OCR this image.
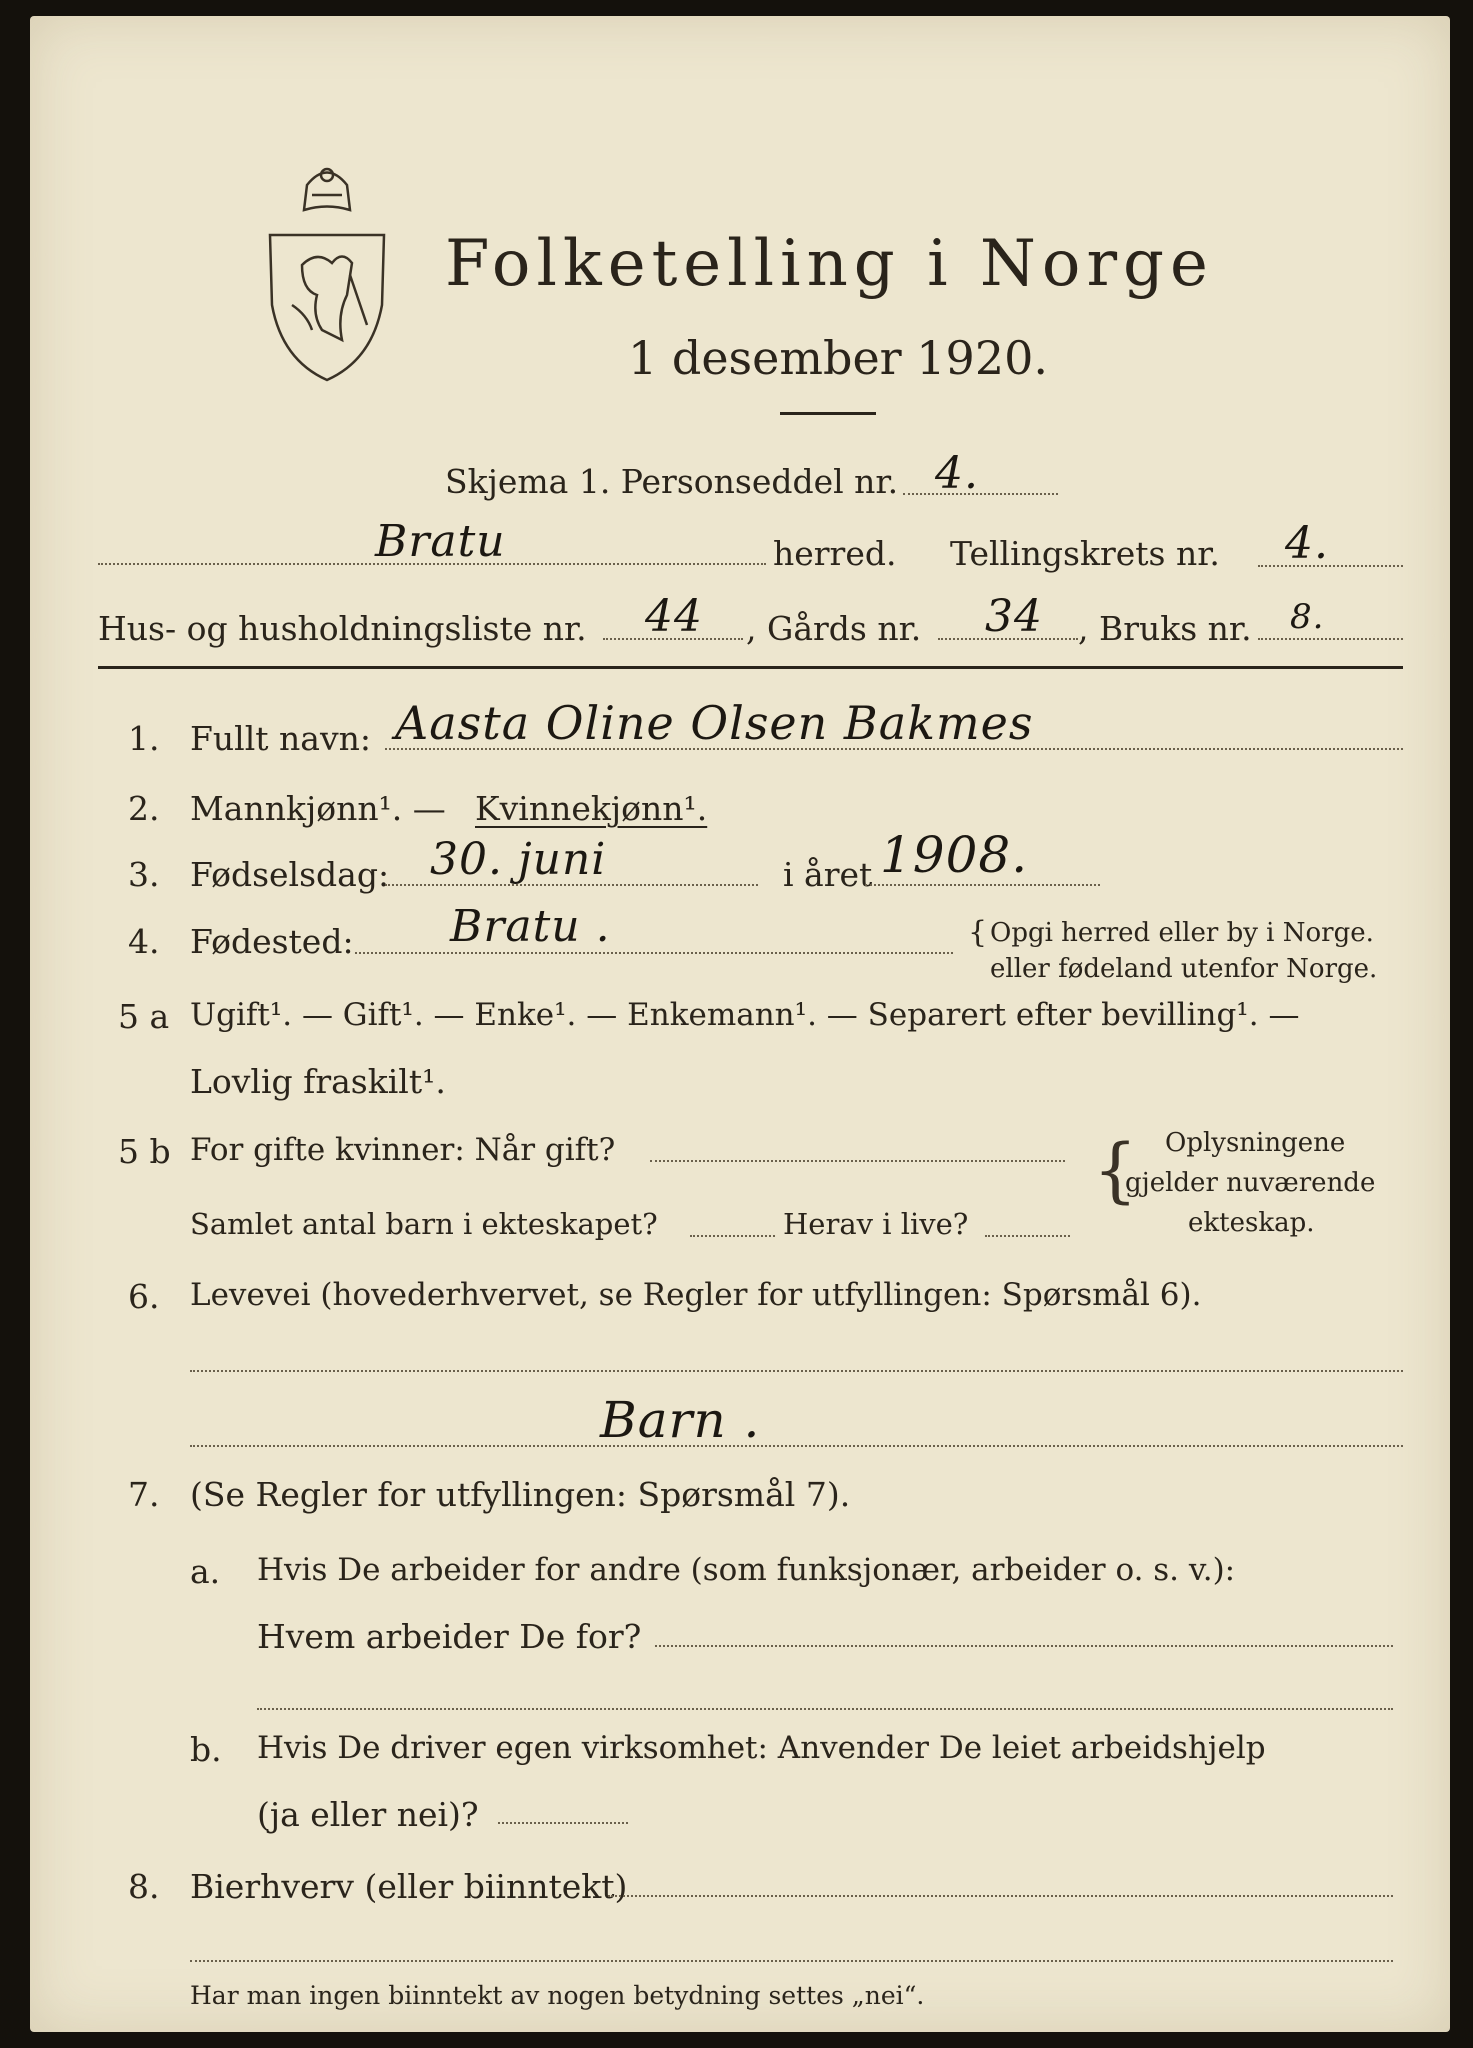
Folketelling i Norge
1 desember 1920.
Skjema 1. Personseddel nr. 4.
Bratu	herred. Tellingskrets nr. 4.
Hus- og husholdningsliste nr. 44 , Gårds nr. 34 , Bruks nr. 8.
1. Fullt navn: Aasta Oline Olsen Bakmes
2. Mannkjønn¹. — Kvinnekjønn¹.
3. Fødselsdag: 30. juni	i året 1908.
4. Fødested: Bratu .	{ Opgi herred eller by i Norge.
eller fødeland utenfor Norge.
5 a Ugift¹. — Gift¹. — Enke¹. — Enkemann¹. — Separert efter bevilling¹. —
Lovlig fraskilt¹.
5 b For gifte kvinner: Når gift?
Samlet antal barn i ekteskapet?	Herav i live?
{ Oplysningene
gjelder nuværende
ekteskap.
6. Levevei (hovederhvervet, se Regler for utfyllingen: Spørsmål 6).
Barn .
7. (Se Regler for utfyllingen: Spørsmål 7).
a. Hvis De arbeider for andre (som funksjonær, arbeider o. s. v.):
Hvem arbeider De for?
b. Hvis De driver egen virksomhet: Anvender De leiet arbeidshjelp
(ja eller nei)?
8. Bierhverv (eller biinntekt)
Har man ingen biinntekt av nogen betydning settes „nei“.
